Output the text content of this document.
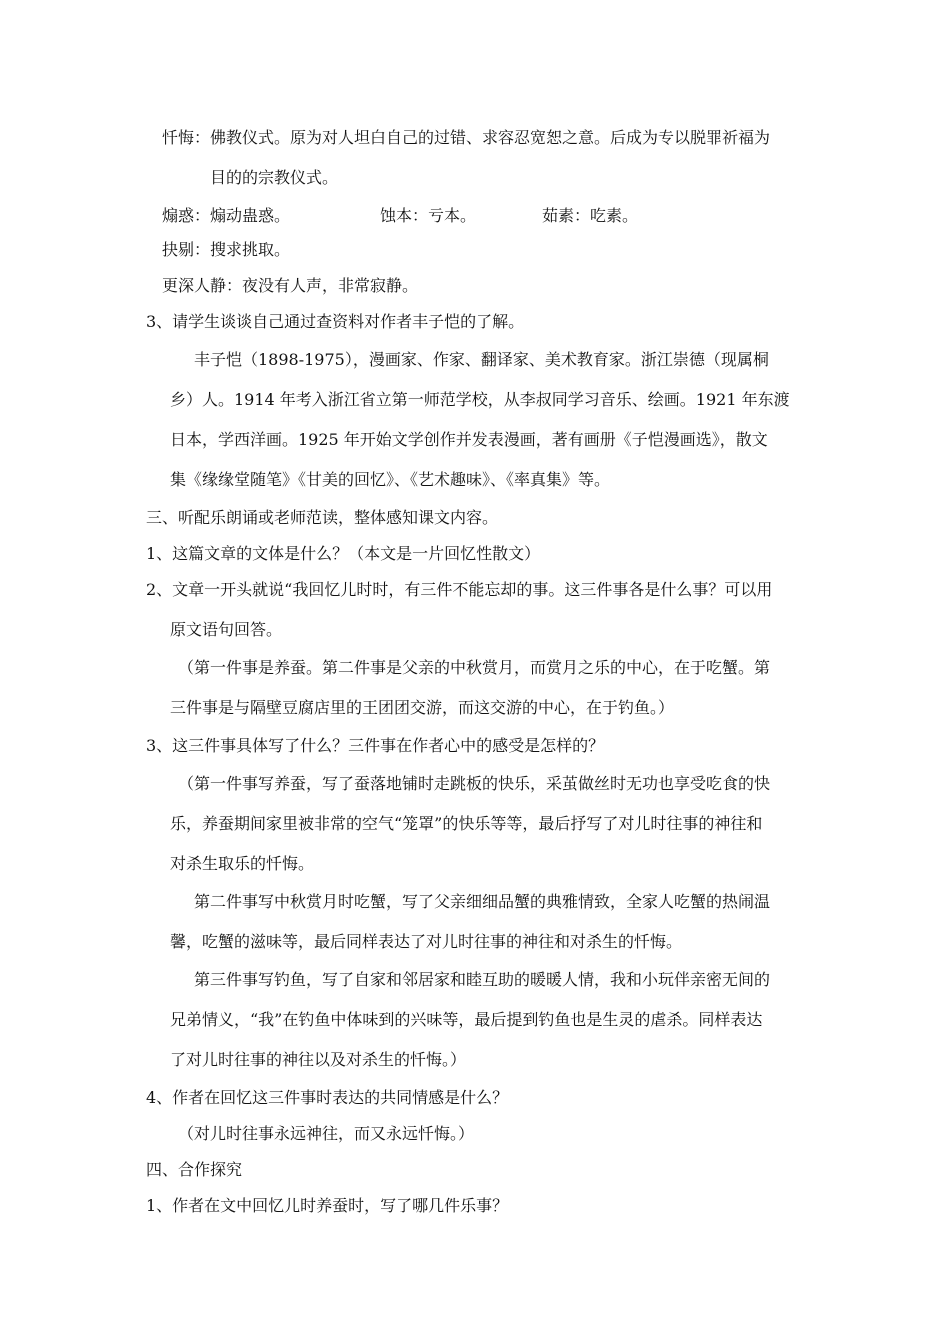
忏悔：佛教仪式。原为对人坦白自己的过错、求容忍宽恕之意。后成为专以脱罪祈福为
目的的宗教仪式。
煽惑：煽动蛊惑。	蚀本：亏本。	茹素：吃素。
抉剔：搜求挑取。
更深人静：夜没有人声，非常寂静。
3、请学生谈谈自己通过查资料对作者丰子恺的了解。
丰子恺（1898-1975），漫画家、作家、翻译家、美术教育家。浙江崇德（现属桐
乡）人。1914 年考入浙江省立第一师范学校，从李叔同学习音乐、绘画。1921 年东渡
日本，学西洋画。1925 年开始文学创作并发表漫画，著有画册《子恺漫画选》，散文
集《缘缘堂随笔》《甘美的回忆》、《艺术趣味》、《率真集》等。
三、听配乐朗诵或老师范读，整体感知课文内容。
1、这篇文章的文体是什么？（本文是一片回忆性散文）
2、文章一开头就说“我回忆儿时时，有三件不能忘却的事。这三件事各是什么事？可以用
原文语句回答。
（第一件事是养蚕。第二件事是父亲的中秋赏月，而赏月之乐的中心，在于吃蟹。第
三件事是与隔壁豆腐店里的王团团交游，而这交游的中心，在于钓鱼。）
3、这三件事具体写了什么？三件事在作者心中的感受是怎样的？
（第一件事写养蚕，写了蚕落地铺时走跳板的快乐，采茧做丝时无功也享受吃食的快
乐，养蚕期间家里被非常的空气“笼罩”的快乐等等，最后抒写了对儿时往事的神往和
对杀生取乐的忏悔。
第二件事写中秋赏月时吃蟹，写了父亲细细品蟹的典雅情致，全家人吃蟹的热闹温
馨，吃蟹的滋味等，最后同样表达了对儿时往事的神往和对杀生的忏悔。
第三件事写钓鱼，写了自家和邻居家和睦互助的暖暖人情，我和小玩伴亲密无间的
兄弟情义，“我”在钓鱼中体味到的兴味等，最后提到钓鱼也是生灵的虐杀。同样表达
了对儿时往事的神往以及对杀生的忏悔。）
4、作者在回忆这三件事时表达的共同情感是什么？
（对儿时往事永远神往，而又永远忏悔。）
四、合作探究
1、作者在文中回忆儿时养蚕时，写了哪几件乐事？
